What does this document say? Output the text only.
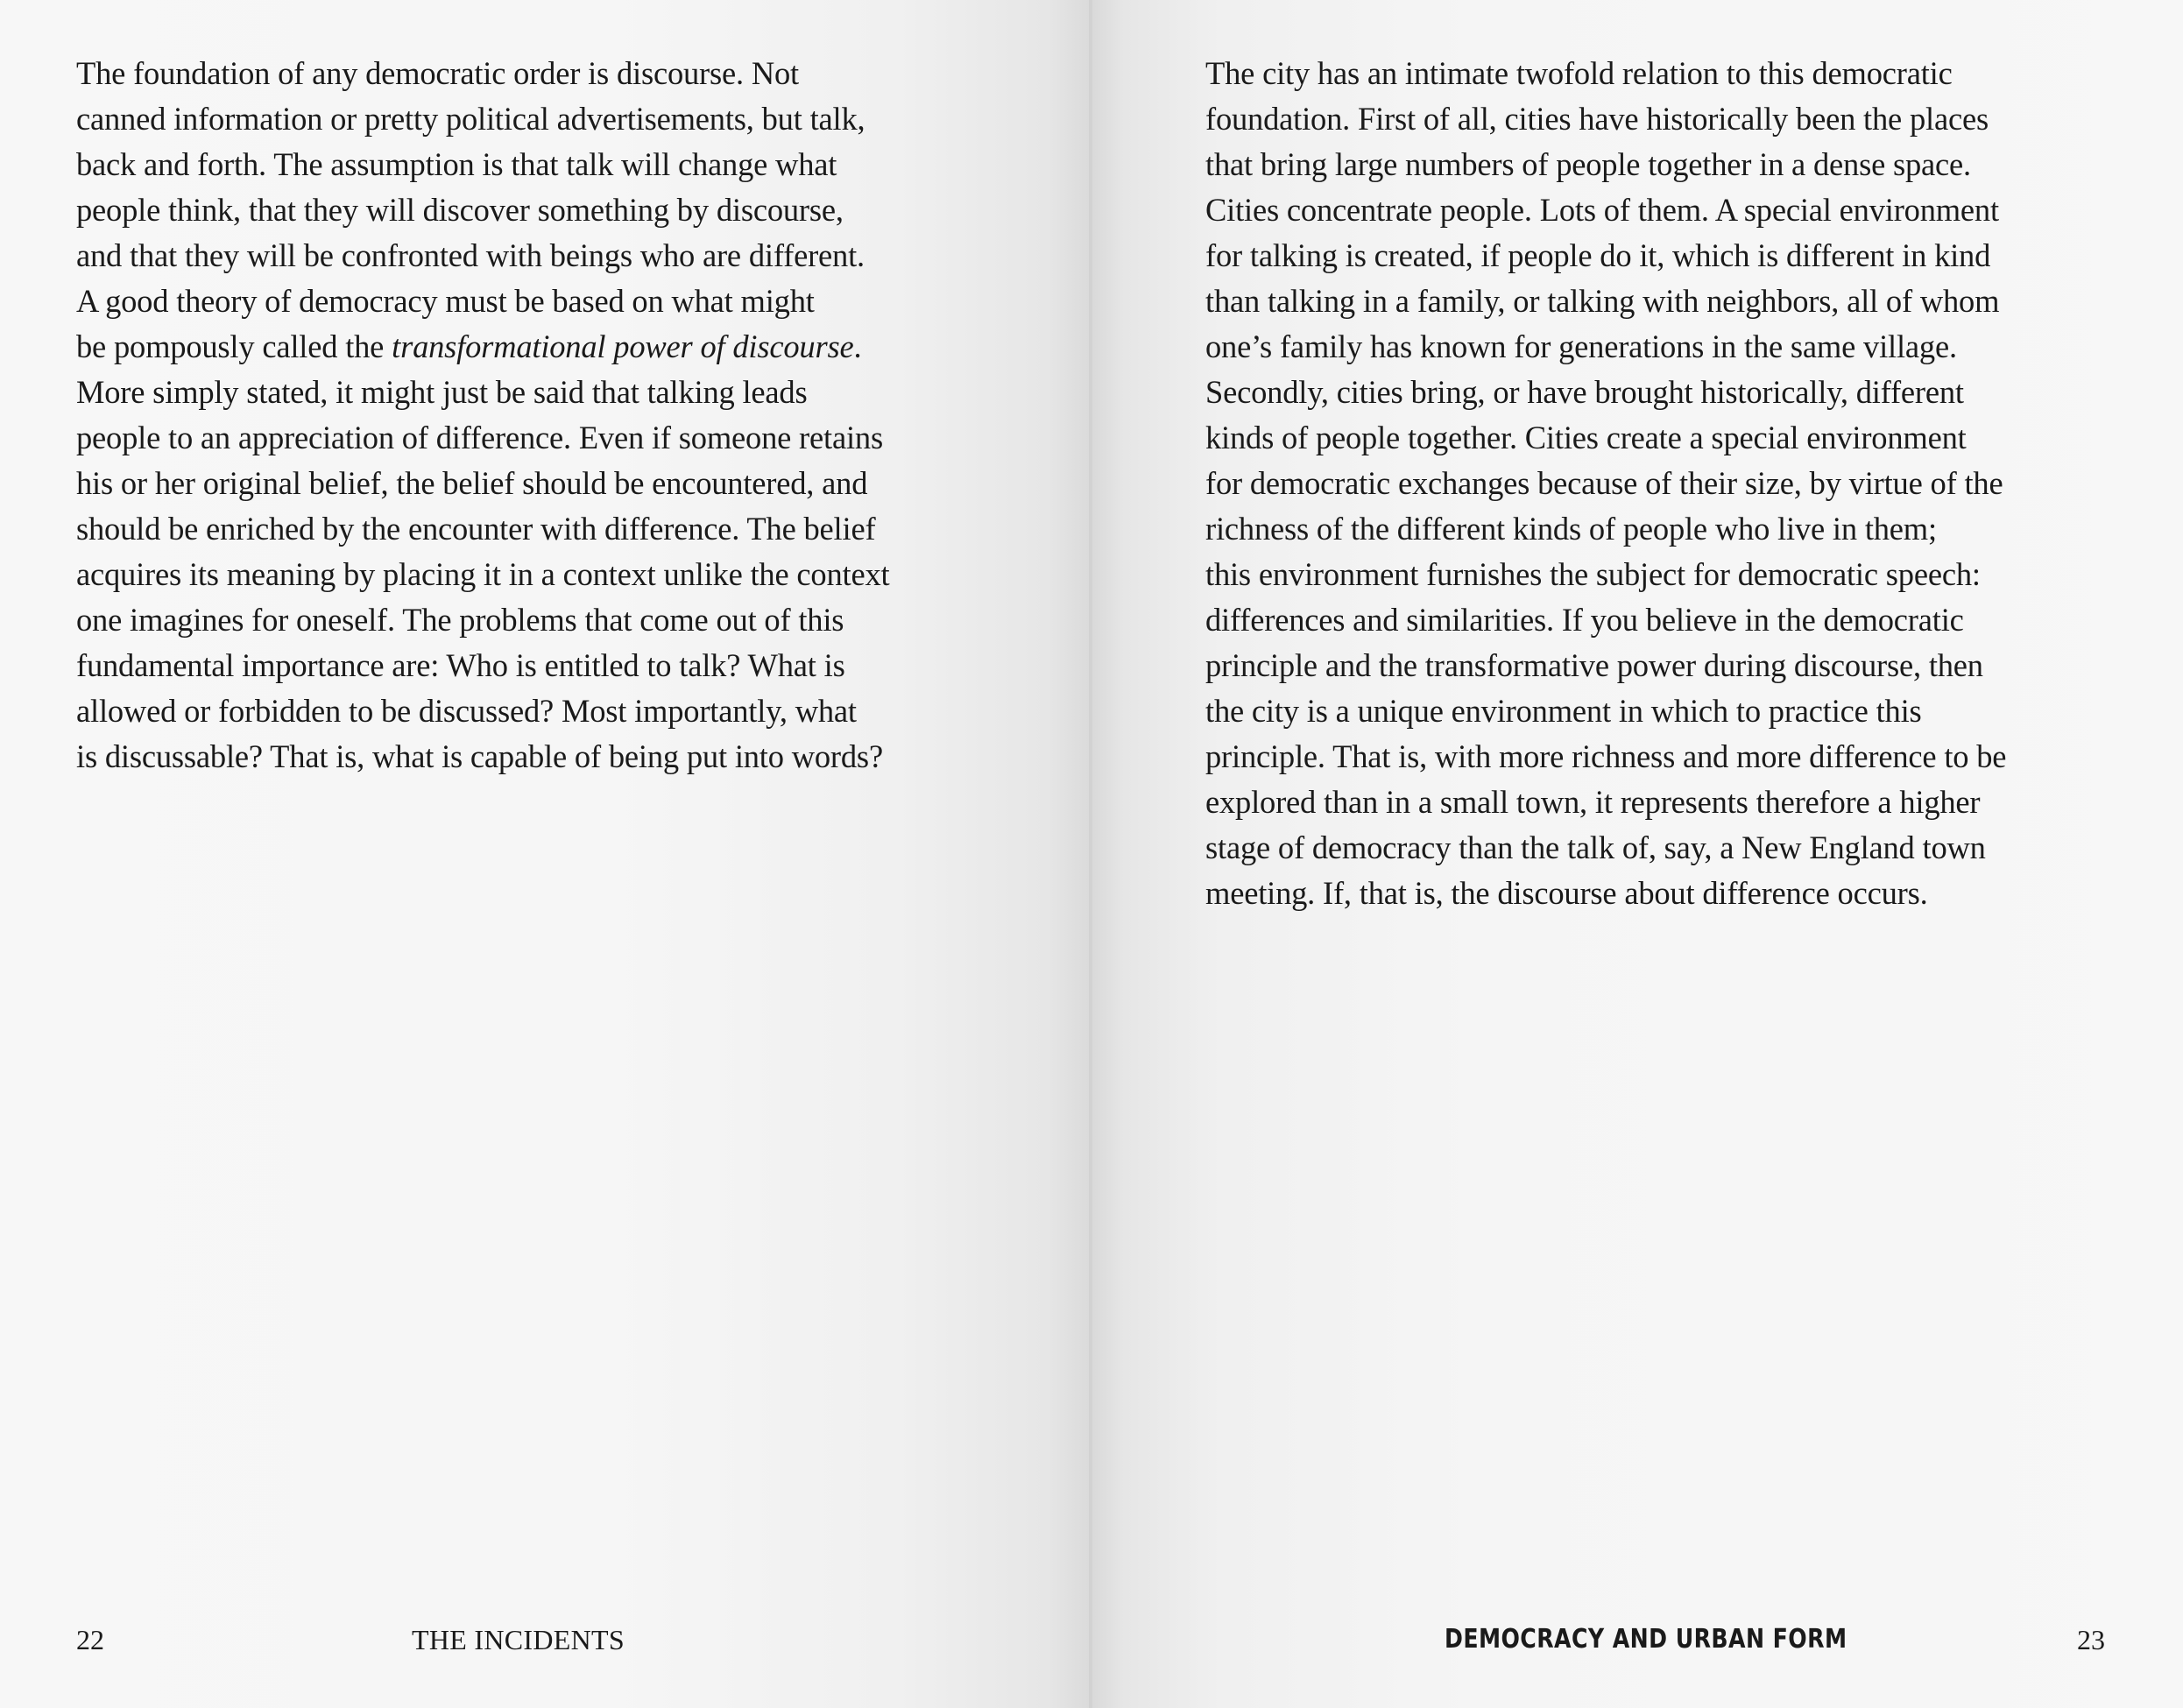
The foundation of any democratic order is discourse. Not
canned information or pretty political advertisements, but talk,
back and forth. The assumption is that talk will change what
people think, that they will discover something by discourse,
and that they will be confronted with beings who are different.
A good theory of democracy must be based on what might
be pompously called the transformational power of discourse.
More simply stated, it might just be said that talking leads
people to an appreciation of difference. Even if someone retains
his or her original belief, the belief should be encountered, and
should be enriched by the encounter with difference. The belief
acquires its meaning by placing it in a context unlike the context
one imagines for oneself. The problems that come out of this
fundamental importance are: Who is entitled to talk? What is
allowed or forbidden to be discussed? Most importantly, what
is discussable? That is, what is capable of being put into words?
22	THE INCIDENTS
The city has an intimate twofold relation to this democratic
foundation. First of all, cities have historically been the places
that bring large numbers of people together in a dense space.
Cities concentrate people. Lots of them. A special environment
for talking is created, if people do it, which is different in kind
than talking in a family, or talking with neighbors, all of whom
one’s family has known for generations in the same village.
Secondly, cities bring, or have brought historically, different
kinds of people together. Cities create a special environment
for democratic exchanges because of their size, by virtue of the
richness of the different kinds of people who live in them;
this environment furnishes the subject for democratic speech:
differences and similarities. If you believe in the democratic
principle and the transformative power during discourse, then
the city is a unique environment in which to practice this
principle. That is, with more richness and more difference to be
explored than in a small town, it represents therefore a higher
stage of democracy than the talk of, say, a New England town
meeting. If, that is, the discourse about difference occurs.
DEMOCRACY AND URBAN FORM	23
